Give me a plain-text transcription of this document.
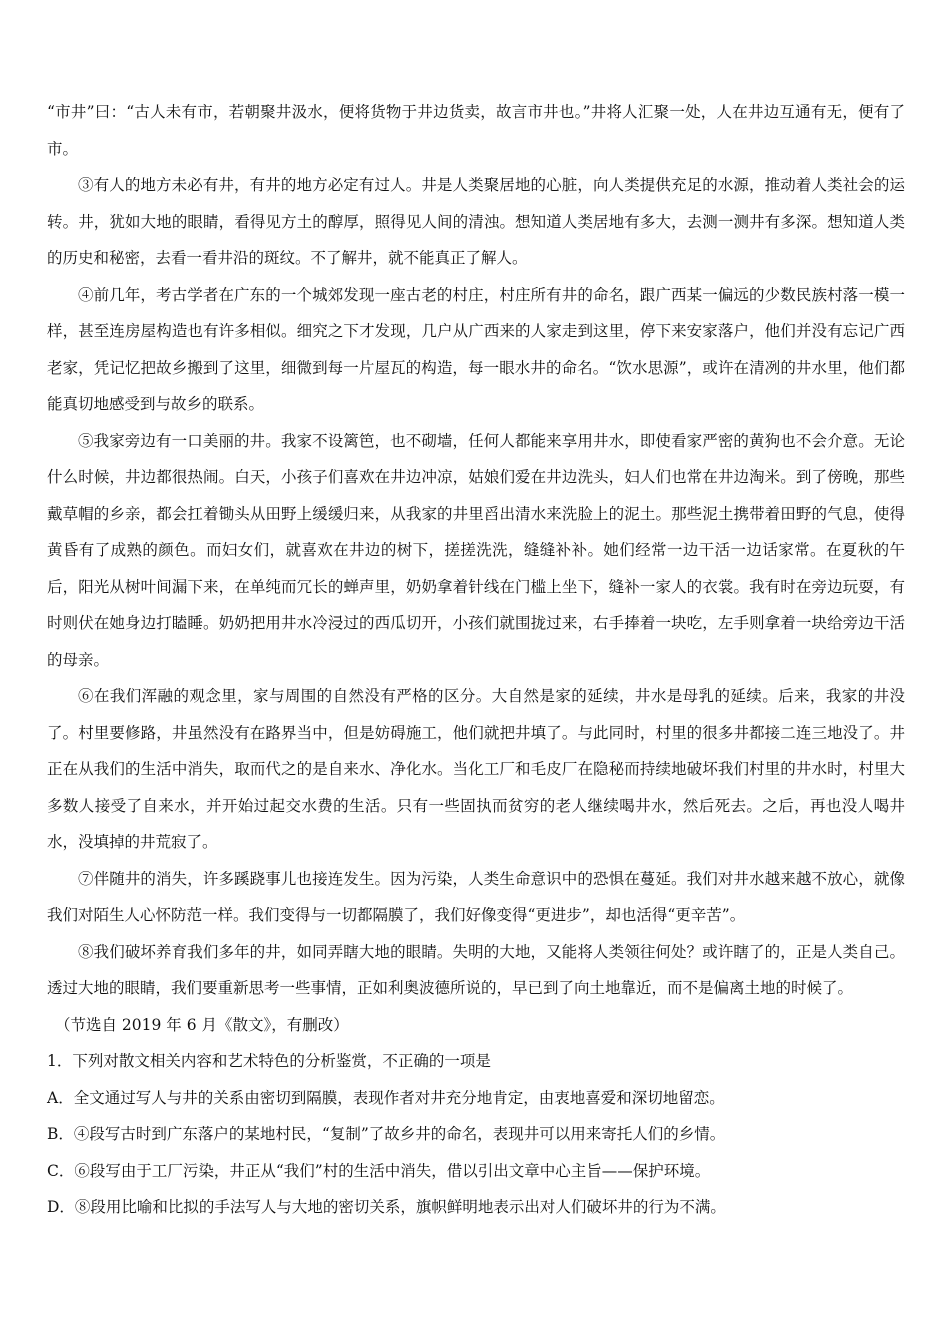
“市井”曰：“古人未有市，若朝聚井汲水，便将货物于井边货卖，故言市井也。”井将人汇聚一处，人在井边互通有无，便有了市。

③有人的地方未必有井，有井的地方必定有过人。井是人类聚居地的心脏，向人类提供充足的水源，推动着人类社会的运转。井，犹如大地的眼睛，看得见方土的醇厚，照得见人间的清浊。想知道人类居地有多大，去测一测井有多深。想知道人类的历史和秘密，去看一看井沿的斑纹。不了解井，就不能真正了解人。

④前几年，考古学者在广东的一个城郊发现一座古老的村庄，村庄所有井的命名，跟广西某一偏远的少数民族村落一模一样，甚至连房屋构造也有许多相似。细究之下才发现，几户从广西来的人家走到这里，停下来安家落户，他们并没有忘记广西老家，凭记忆把故乡搬到了这里，细微到每一片屋瓦的构造，每一眼水井的命名。“饮水思源”，或许在清冽的井水里，他们都能真切地感受到与故乡的联系。

⑤我家旁边有一口美丽的井。我家不设篱笆，也不砌墙，任何人都能来享用井水，即使看家严密的黄狗也不会介意。无论什么时候，井边都很热闹。白天，小孩子们喜欢在井边冲凉，姑娘们爱在井边洗头，妇人们也常在井边淘米。到了傍晚，那些戴草帽的乡亲，都会扛着锄头从田野上缓缓归来，从我家的井里舀出清水来洗脸上的泥土。那些泥土携带着田野的气息，使得黄昏有了成熟的颜色。而妇女们，就喜欢在井边的树下，搓搓洗洗，缝缝补补。她们经常一边干活一边话家常。在夏秋的午后，阳光从树叶间漏下来，在单纯而冗长的蝉声里，奶奶拿着针线在门槛上坐下，缝补一家人的衣裳。我有时在旁边玩耍，有时则伏在她身边打瞌睡。奶奶把用井水冷浸过的西瓜切开，小孩们就围拢过来，右手捧着一块吃，左手则拿着一块给旁边干活的母亲。

⑥在我们浑融的观念里，家与周围的自然没有严格的区分。大自然是家的延续，井水是母乳的延续。后来，我家的井没了。村里要修路，井虽然没有在路界当中，但是妨碍施工，他们就把井填了。与此同时，村里的很多井都接二连三地没了。井正在从我们的生活中消失，取而代之的是自来水、净化水。当化工厂和毛皮厂在隐秘而持续地破坏我们村里的井水时，村里大多数人接受了自来水，并开始过起交水费的生活。只有一些固执而贫穷的老人继续喝井水，然后死去。之后，再也没人喝井水，没填掉的井荒寂了。

⑦伴随井的消失，许多蹊跷事儿也接连发生。因为污染，人类生命意识中的恐惧在蔓延。我们对井水越来越不放心，就像我们对陌生人心怀防范一样。我们变得与一切都隔膜了，我们好像变得“更进步”，却也活得“更辛苦”。

⑧我们破坏养育我们多年的井，如同弄瞎大地的眼睛。失明的大地，又能将人类领往何处？或许瞎了的，正是人类自己。透过大地的眼睛，我们要重新思考一些事情，正如利奥波德所说的，早已到了向土地靠近，而不是偏离土地的时候了。

（节选自 2019 年 6 月《散文》，有删改）

1．下列对散文相关内容和艺术特色的分析鉴赏，不正确的一项是

A．全文通过写人与井的关系由密切到隔膜，表现作者对井充分地肯定，由衷地喜爱和深切地留恋。

B．④段写古时到广东落户的某地村民，“复制”了故乡井的命名，表现井可以用来寄托人们的乡情。

C．⑥段写由于工厂污染，井正从“我们”村的生活中消失，借以引出文章中心主旨——保护环境。

D．⑧段用比喻和比拟的手法写人与大地的密切关系，旗帜鲜明地表示出对人们破坏井的行为不满。
